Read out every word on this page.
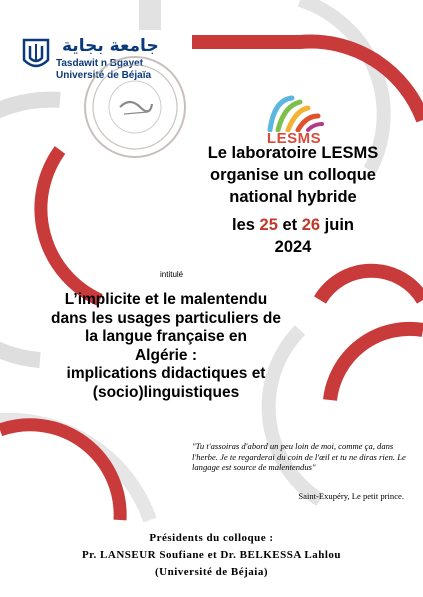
جامعة بجاية
Tasdawit n Bgayet
Université de Béjaïa
LESMS
Le laboratoire LESMS
organise un colloque
national hybride
les 25 et 26 juin
2024
intitulé
L’implicite et le malentendu
dans les usages particuliers de
la langue française en
Algérie :
implications didactiques et
(socio)linguistiques
"Tu t'assoiras d'abord un peu loin de moi, comme ça, dans l'herbe. Je te regarderai du coin de l'œil et tu ne diras rien. Le langage est source de malentendus"
Saint-Exupéry, Le petit prince.
Présidents du colloque :
Pr. LANSEUR Soufiane et Dr. BELKESSA Lahlou
(Université de Béjaia)
